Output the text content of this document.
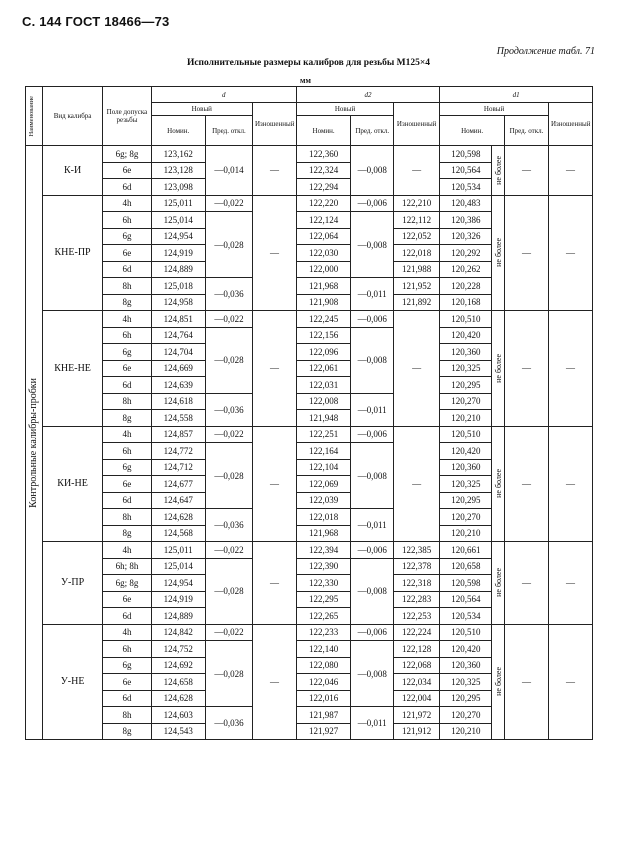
С. 144 ГОСТ 18466—73
Продолжение табл. 71
Исполнительные размеры калибров для резьбы М125×4
мм
Наименование	Вид калибра	Поле допуска резьбы	d			d2			d1			
			Новый		Изношенный	Новый		Изношенный	Новый			Изношенный
			Номин.	Пред. откл.		Номин.	Пред. откл.		Номин.		Пред. откл.	

Контрольные калибры-пробки	К-И	6g; 8g	123,162	—0,014	—	122,360	—0,008	—	120,598	не более	—	—
		6e	123,128			122,324			120,564			
		6d	123,098			122,294			120,534			
	КНЕ-ПР	4h	125,011	—0,022	—	122,220	—0,006	122,210	120,483	не более	—	—
		6h	125,014	—0,028		122,124	—0,008	122,112	120,386			
		6g	124,954			122,064		122,052	120,326			
		6e	124,919			122,030		122,018	120,292			
		6d	124,889			122,000		121,988	120,262			
		8h	125,018	—0,036		121,968	—0,011	121,952	120,228			
		8g	124,958			121,908		121,892	120,168			
	КНЕ-НЕ	4h	124,851	—0,022	—	122,245	—0,006	—	120,510	не более	—	—
		6h	124,764	—0,028		122,156	—0,008		120,420			
		6g	124,704			122,096			120,360			
		6e	124,669			122,061			120,325			
		6d	124,639			122,031			120,295			
		8h	124,618	—0,036		122,008	—0,011		120,270			
		8g	124,558			121,948			120,210			
	КИ-НЕ	4h	124,857	—0,022	—	122,251	—0,006	—	120,510	не более	—	—
		6h	124,772	—0,028		122,164	—0,008		120,420			
		6g	124,712			122,104			120,360			
		6e	124,677			122,069			120,325			
		6d	124,647			122,039			120,295			
		8h	124,628	—0,036		122,018	—0,011		120,270			
		8g	124,568			121,968			120,210			
	У-ПР	4h	125,011	—0,022	—	122,394	—0,006	122,385	120,661	не более	—	—
		6h; 8h	125,014	—0,028		122,390	—0,008	122,378	120,658			
		6g; 8g	124,954			122,330		122,318	120,598			
		6e	124,919			122,295		122,283	120,564			
		6d	124,889			122,265		122,253	120,534			
	У-НЕ	4h	124,842	—0,022	—	122,233	—0,006	122,224	120,510	не более	—	—
		6h	124,752	—0,028		122,140	—0,008	122,128	120,420			
		6g	124,692			122,080		122,068	120,360			
		6e	124,658			122,046		122,034	120,325			
		6d	124,628			122,016		122,004	120,295			
		8h	124,603	—0,036		121,987	—0,011	121,972	120,270			
		8g	124,543			121,927		121,912	120,210			
